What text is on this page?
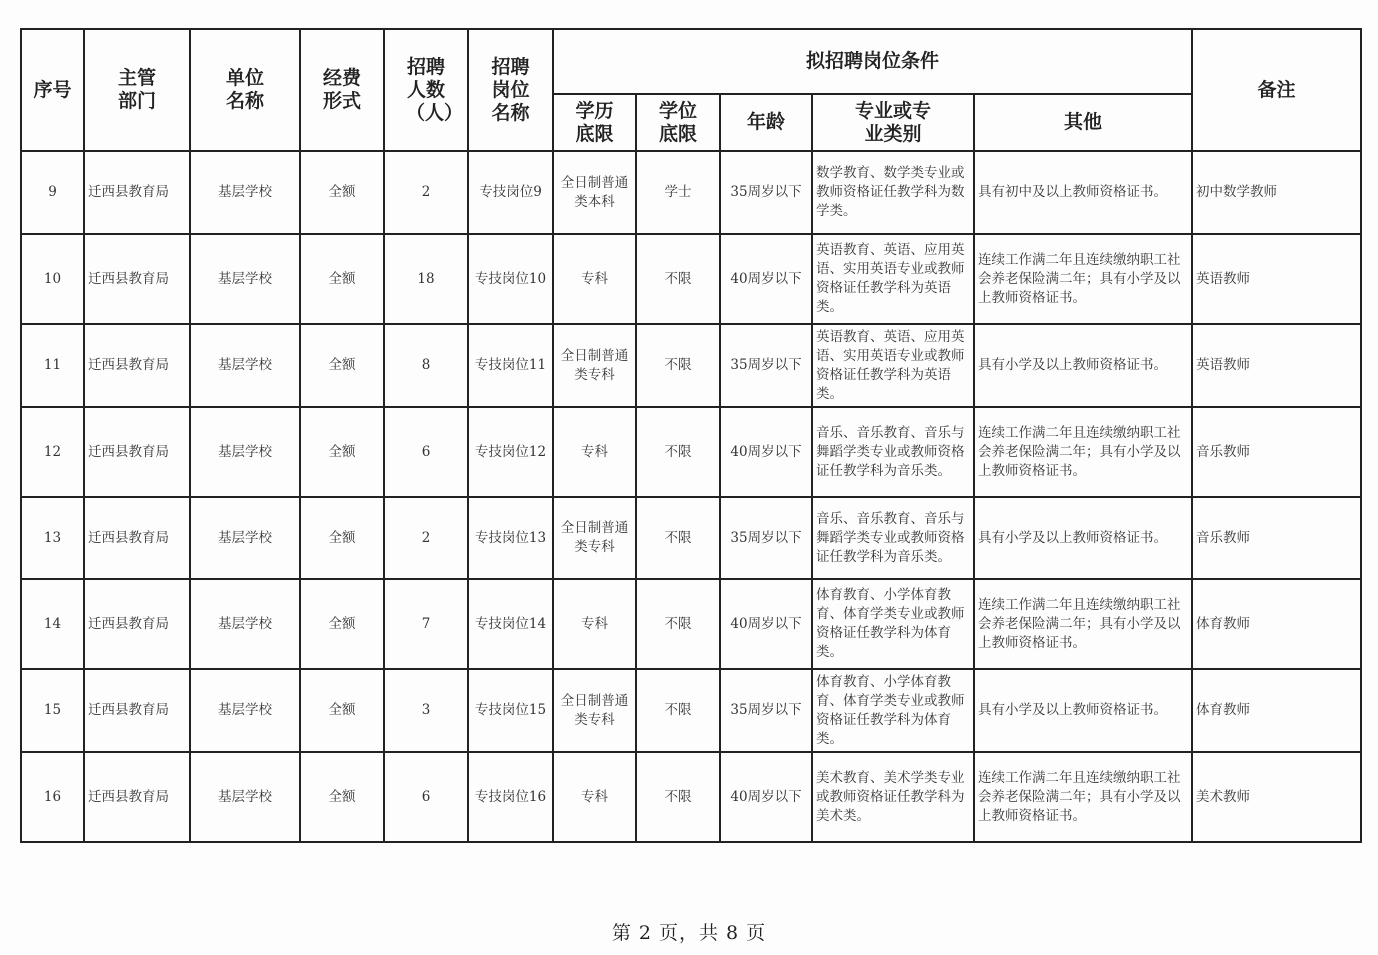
序号	主管部门	单位名称	经费形式	招聘人数（人）	招聘岗位名称	拟招聘岗位条件					备注
						学历底限	学位底限	年龄	专业或专业类别	其他	
9	迁西县教育局	基层学校	全额	2	专技岗位9	全日制普通类本科	学士	35周岁以下	数学教育、数学类专业或教师资格证任教学科为数学类。	具有初中及以上教师资格证书。	初中数学教师
10	迁西县教育局	基层学校	全额	18	专技岗位10	专科	不限	40周岁以下	英语教育、英语、应用英语、实用英语专业或教师资格证任教学科为英语类。	连续工作满二年且连续缴纳职工社会养老保险满二年；具有小学及以上教师资格证书。	英语教师
11	迁西县教育局	基层学校	全额	8	专技岗位11	全日制普通类专科	不限	35周岁以下	英语教育、英语、应用英语、实用英语专业或教师资格证任教学科为英语类。	具有小学及以上教师资格证书。	英语教师
12	迁西县教育局	基层学校	全额	6	专技岗位12	专科	不限	40周岁以下	音乐、音乐教育、音乐与舞蹈学类专业或教师资格证任教学科为音乐类。	连续工作满二年且连续缴纳职工社会养老保险满二年；具有小学及以上教师资格证书。	音乐教师
13	迁西县教育局	基层学校	全额	2	专技岗位13	全日制普通类专科	不限	35周岁以下	音乐、音乐教育、音乐与舞蹈学类专业或教师资格证任教学科为音乐类。	具有小学及以上教师资格证书。	音乐教师
14	迁西县教育局	基层学校	全额	7	专技岗位14	专科	不限	40周岁以下	体育教育、小学体育教育、体育学类专业或教师资格证任教学科为体育类。	连续工作满二年且连续缴纳职工社会养老保险满二年；具有小学及以上教师资格证书。	体育教师
15	迁西县教育局	基层学校	全额	3	专技岗位15	全日制普通类专科	不限	35周岁以下	体育教育、小学体育教育、体育学类专业或教师资格证任教学科为体育类。	具有小学及以上教师资格证书。	体育教师
16	迁西县教育局	基层学校	全额	6	专技岗位16	专科	不限	40周岁以下	美术教育、美术学类专业或教师资格证任教学科为美术类。	连续工作满二年且连续缴纳职工社会养老保险满二年；具有小学及以上教师资格证书。	美术教师
第 2 页，共 8 页
